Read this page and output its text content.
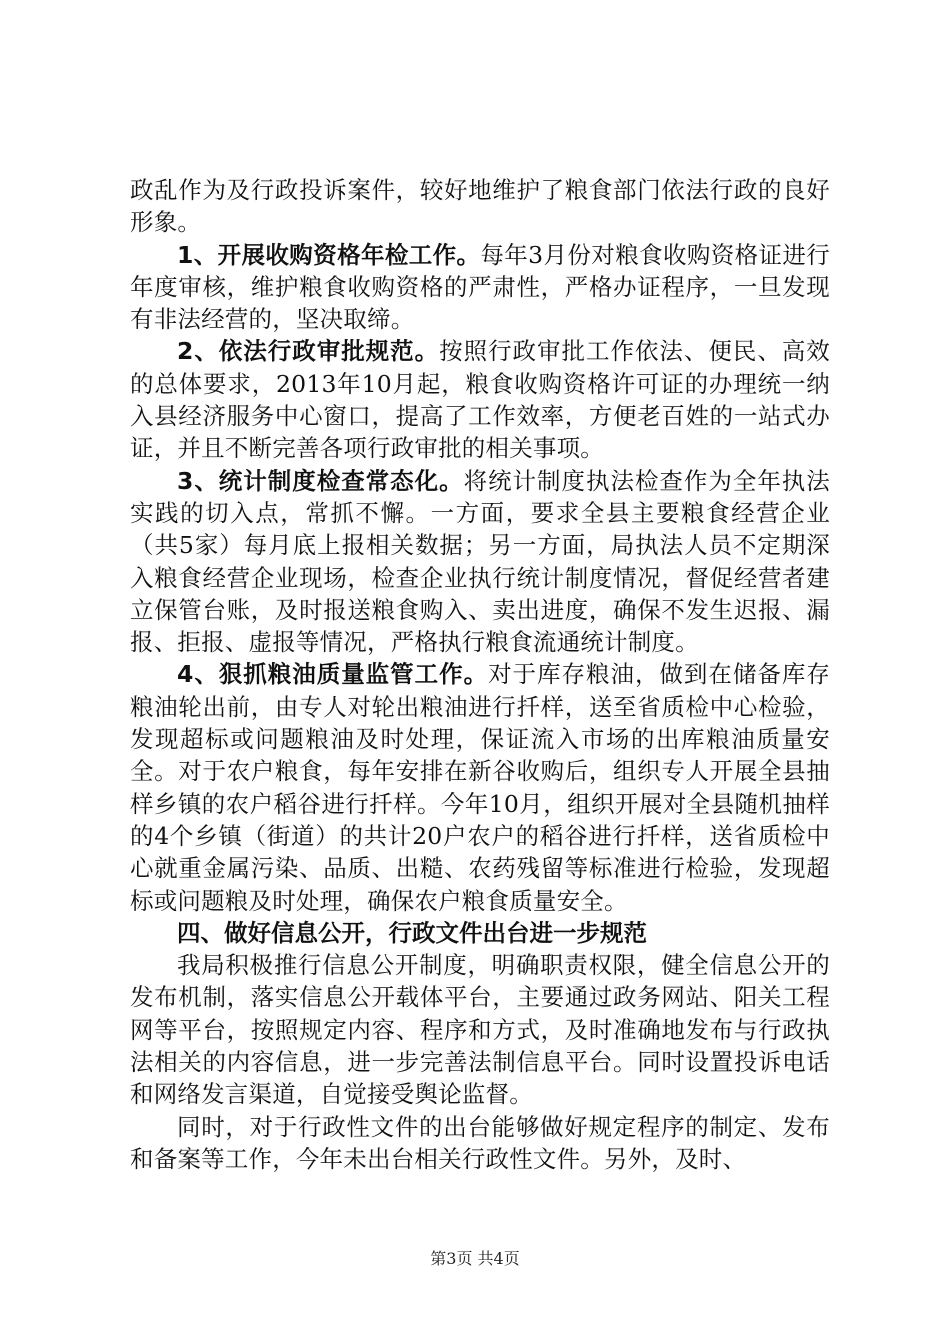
政乱作为及行政投诉案件，较好地维护了粮食部门依法行政的良好形象。

1、开展收购资格年检工作。每年3月份对粮食收购资格证进行年度审核，维护粮食收购资格的严肃性，严格办证程序，一旦发现有非法经营的，坚决取缔。

2、依法行政审批规范。按照行政审批工作依法、便民、高效的总体要求，2013年10月起，粮食收购资格许可证的办理统一纳入县经济服务中心窗口，提高了工作效率，方便老百姓的一站式办证，并且不断完善各项行政审批的相关事项。

3、统计制度检查常态化。将统计制度执法检查作为全年执法实践的切入点，常抓不懈。一方面，要求全县主要粮食经营企业（共5家）每月底上报相关数据；另一方面，局执法人员不定期深入粮食经营企业现场，检查企业执行统计制度情况，督促经营者建立保管台账，及时报送粮食购入、卖出进度，确保不发生迟报、漏报、拒报、虚报等情况，严格执行粮食流通统计制度。

4、狠抓粮油质量监管工作。对于库存粮油，做到在储备库存粮油轮出前，由专人对轮出粮油进行扦样，送至省质检中心检验，发现超标或问题粮油及时处理，保证流入市场的出库粮油质量安全。对于农户粮食，每年安排在新谷收购后，组织专人开展全县抽样乡镇的农户稻谷进行扦样。今年10月，组织开展对全县随机抽样的4个乡镇（街道）的共计20户农户的稻谷进行扦样，送省质检中心就重金属污染、品质、出糙、农药残留等标准进行检验，发现超标或问题粮及时处理，确保农户粮食质量安全。

四、做好信息公开，行政文件出台进一步规范

我局积极推行信息公开制度，明确职责权限，健全信息公开的发布机制，落实信息公开载体平台，主要通过政务网站、阳关工程网等平台，按照规定内容、程序和方式，及时准确地发布与行政执法相关的内容信息，进一步完善法制信息平台。同时设置投诉电话和网络发言渠道，自觉接受舆论监督。

同时，对于行政性文件的出台能够做好规定程序的制定、发布和备案等工作，今年未出台相关行政性文件。另外，及时、

第3页 共4页
